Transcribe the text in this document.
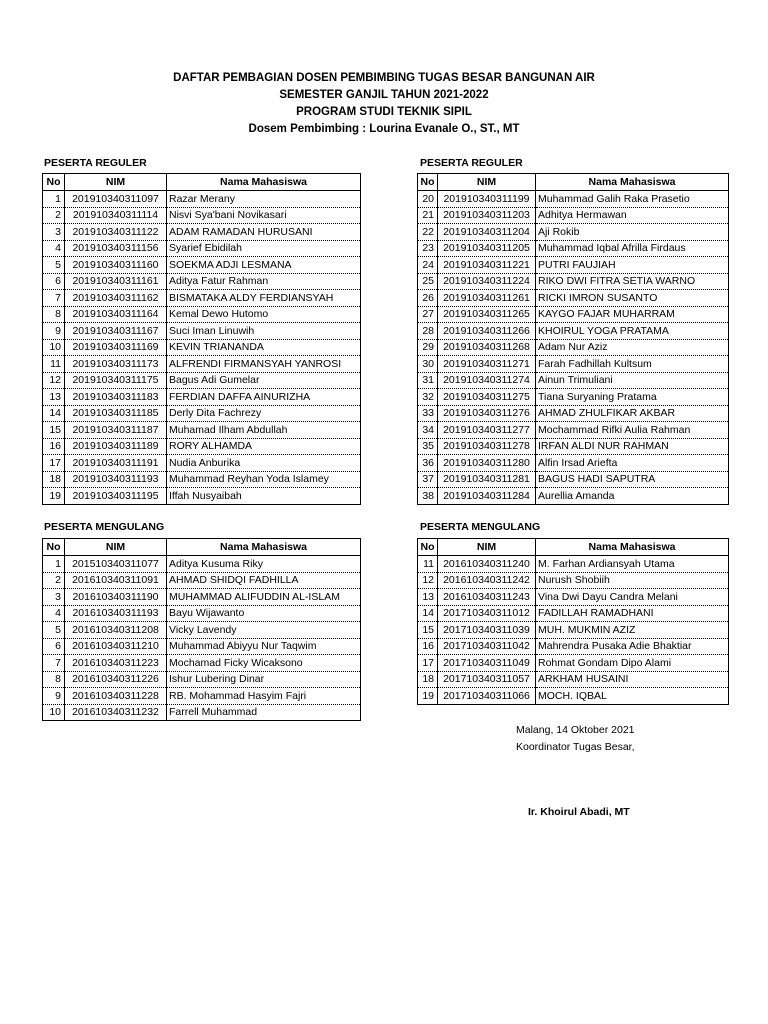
DAFTAR PEMBAGIAN DOSEN PEMBIMBING TUGAS BESAR BANGUNAN AIR
SEMESTER GANJIL TAHUN 2021-2022
PROGRAM STUDI TEKNIK SIPIL
Dosem Pembimbing : Lourina Evanale O., ST., MT
PESERTA REGULER	PESERTA REGULER
No	NIM	Nama Mahasiswa
1	201910340311097	Razar Merany
2	201910340311114	Nisvi Sya'bani Novikasari
3	201910340311122	ADAM RAMADAN HURUSANI
4	201910340311156	Syarief Ebidilah
5	201910340311160	SOEKMA ADJI LESMANA
6	201910340311161	Aditya Fatur Rahman
7	201910340311162	BISMATAKA ALDY FERDIANSYAH
8	201910340311164	Kemal Dewo Hutomo
9	201910340311167	Suci Iman Linuwih
10	201910340311169	KEVIN TRIANANDA
11	201910340311173	ALFRENDI FIRMANSYAH YANROSI
12	201910340311175	Bagus Adi Gumelar
13	201910340311183	FERDIAN DAFFA AINURIZHA
14	201910340311185	Derly Dita Fachrezy
15	201910340311187	Muhamad Ilham Abdullah
16	201910340311189	RORY ALHAMDA
17	201910340311191	Nudia Anburika
18	201910340311193	Muhammad Reyhan Yoda Islamey
19	201910340311195	Iffah Nusyaibah
No	NIM	Nama Mahasiswa
20	201910340311199	Muhammad Galih Raka Prasetio
21	201910340311203	Adhitya Hermawan
22	201910340311204	Aji Rokib
23	201910340311205	Muhammad Iqbal Afrilla Firdaus
24	201910340311221	PUTRI FAUJIAH
25	201910340311224	RIKO DWI FITRA SETIA WARNO
26	201910340311261	RICKI IMRON SUSANTO
27	201910340311265	KAYGO FAJAR MUHARRAM
28	201910340311266	KHOIRUL YOGA PRATAMA
29	201910340311268	Adam Nur Aziz
30	201910340311271	Farah Fadhillah Kultsum
31	201910340311274	Ainun Trimuliani
32	201910340311275	Tiana Suryaning Pratama
33	201910340311276	AHMAD ZHULFIKAR AKBAR
34	201910340311277	Mochammad Rifki Aulia Rahman
35	201910340311278	IRFAN ALDI NUR RAHMAN
36	201910340311280	Alfin Irsad Ariefta
37	201910340311281	BAGUS HADI SAPUTRA
38	201910340311284	Aurellia Amanda
PESERTA MENGULANG	PESERTA MENGULANG
No	NIM	Nama Mahasiswa
1	201510340311077	Aditya Kusuma Riky
2	201610340311091	AHMAD SHIDQI FADHILLA
3	201610340311190	MUHAMMAD ALIFUDDIN AL-ISLAM
4	201610340311193	Bayu Wijawanto
5	201610340311208	Vicky Lavendy
6	201610340311210	Muhammad Abiyyu Nur Taqwim
7	201610340311223	Mochamad Ficky Wicaksono
8	201610340311226	Ishur Lubering Dinar
9	201610340311228	RB. Mohammad Hasyim Fajri
10	201610340311232	Farrell Muhammad
No	NIM	Nama Mahasiswa
11	201610340311240	M. Farhan Ardiansyah Utama
12	201610340311242	Nurush Shobiih
13	201610340311243	Vina Dwi Dayu Candra Melani
14	201710340311012	FADILLAH RAMADHANI
15	201710340311039	MUH. MUKMIN AZIZ
16	201710340311042	Mahrendra Pusaka Adie Bhaktiar
17	201710340311049	Rohmat Gondam Dipo Alami
18	201710340311057	ARKHAM HUSAINI
19	201710340311066	MOCH. IQBAL
Malang, 14 Oktober 2021
Koordinator Tugas Besar,
Ir. Khoirul Abadi, MT
